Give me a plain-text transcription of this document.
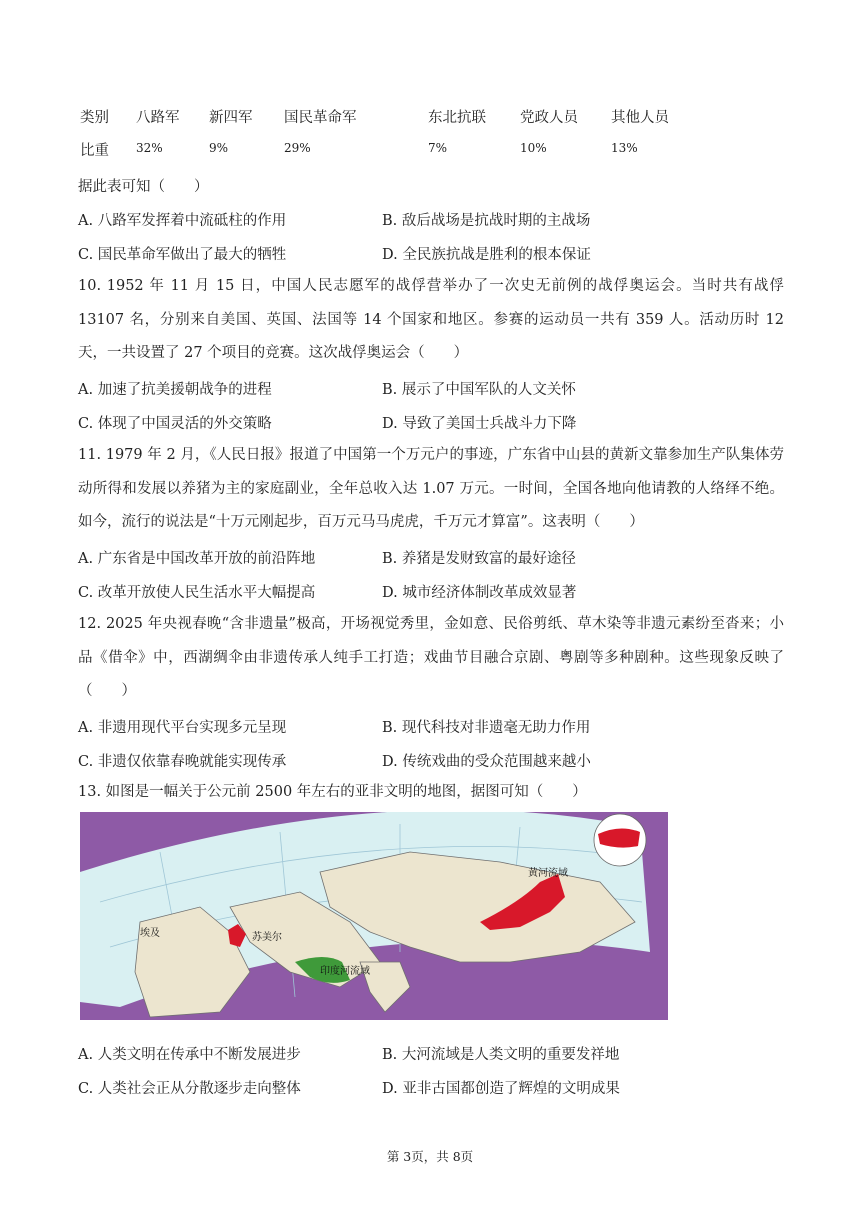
类别 八路军 新四军 国民革命军	东北抗联 党政人员 其他人员
比重 32%	9%	29%	7%	10%	13%
据此表可知（　　）
A. 八路军发挥着中流砥柱的作用	B. 敌后战场是抗战时期的主战场
C. 国民革命军做出了最大的牺牲	D. 全民族抗战是胜利的根本保证
10. 1952 年 11 月 15 日，中国人民志愿军的战俘营举办了一次史无前例的战俘奥运会。当时共有战俘 13107 名，分别来自美国、英国、法国等 14 个国家和地区。参赛的运动员一共有 359 人。活动历时 12 天，一共设置了 27 个项目的竞赛。这次战俘奥运会（　　）
A. 加速了抗美援朝战争的进程	B. 展示了中国军队的人文关怀
C. 体现了中国灵活的外交策略	D. 导致了美国士兵战斗力下降
11. 1979 年 2 月，《人民日报》报道了中国第一个万元户的事迹，广东省中山县的黄新文靠参加生产队集体劳动所得和发展以养猪为主的家庭副业，全年总收入达 1.07 万元。一时间，全国各地向他请教的人络绎不绝。如今，流行的说法是“十万元刚起步，百万元马马虎虎，千万元才算富”。这表明（　　）
A. 广东省是中国改革开放的前沿阵地	B. 养猪是发财致富的最好途径
C. 改革开放使人民生活水平大幅提高	D. 城市经济体制改革成效显著
12. 2025 年央视春晚“含非遗量”极高，开场视觉秀里，金如意、民俗剪纸、草木染等非遗元素纷至沓来；小品《借伞》中，西湖绸伞由非遗传承人纯手工打造；戏曲节目融合京剧、粤剧等多种剧种。这些现象反映了（　　）
A. 非遗用现代平台实现多元呈现	B. 现代科技对非遗毫无助力作用
C. 非遗仅依靠春晚就能实现传承	D. 传统戏曲的受众范围越来越小
13. 如图是一幅关于公元前 2500 年左右的亚非文明的地图，据图可知（　　）
埃及	苏美尔
印度河流域
黄河流域
A. 人类文明在传承中不断发展进步	B. 大河流域是人类文明的重要发祥地
C. 人类社会正从分散逐步走向整体	D. 亚非古国都创造了辉煌的文明成果
第 3页，共 8页
